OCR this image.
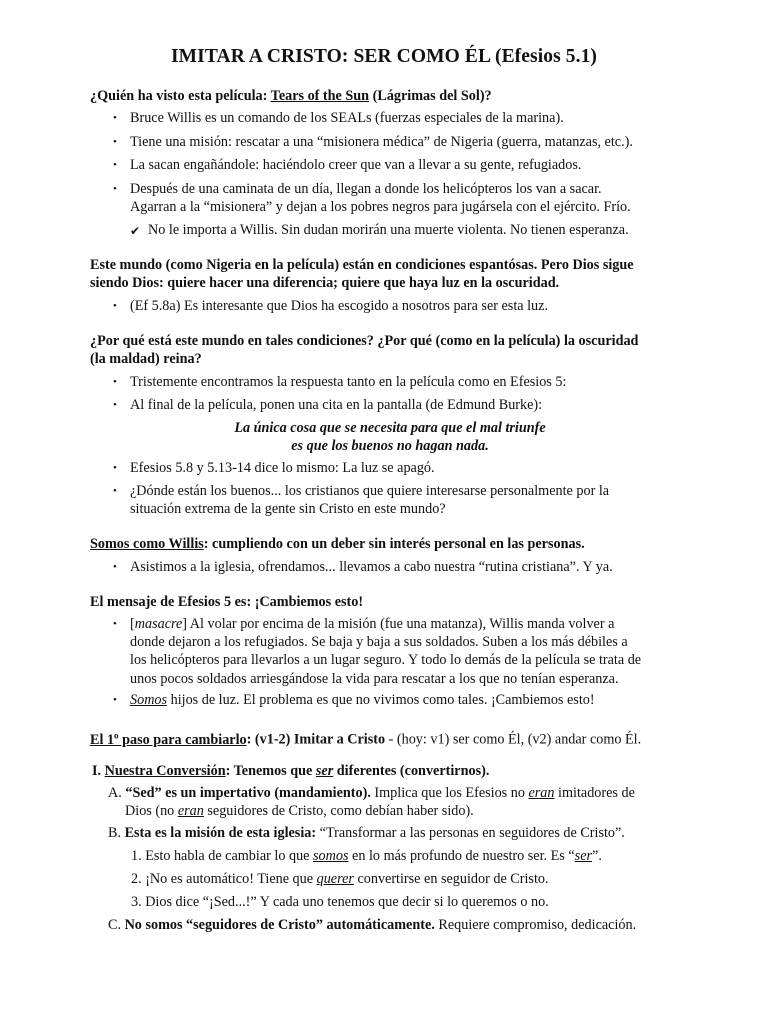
IMITAR A CRISTO: SER COMO ÉL (Efesios 5.1)
¿Quién ha visto esta película: Tears of the Sun (Lágrimas del Sol)?
• Bruce Willis es un comando de los SEALs (fuerzas especiales de la marina).
• Tiene una misión: rescatar a una “misionera médica” de Nigeria (guerra, matanzas, etc.).
• La sacan engañándole: haciéndolo creer que van a llevar a su gente, refugiados.
• Después de una caminata de un día, llegan a donde los helicópteros los van a sacar.
Agarran a la “misionera” y dejan a los pobres negros para jugársela con el ejército. Frío.
✔ No le importa a Willis. Sin dudan morirán una muerte violenta. No tienen esperanza.
Este mundo (como Nigeria en la película) están en condiciones espantósas. Pero Dios sigue
siendo Dios: quiere hacer una diferencia; quiere que haya luz en la oscuridad.
• (Ef 5.8a) Es interesante que Dios ha escogido a nosotros para ser esta luz.
¿Por qué está este mundo en tales condiciones? ¿Por qué (como en la película) la oscuridad
(la maldad) reina?
• Tristemente encontramos la respuesta tanto en la película como en Efesios 5:
• Al final de la película, ponen una cita en la pantalla (de Edmund Burke):
La única cosa que se necesita para que el mal triunfe
es que los buenos no hagan nada.
• Efesios 5.8 y 5.13-14 dice lo mismo: La luz se apagó.
• ¿Dónde están los buenos... los cristianos que quiere interesarse personalmente por la
situación extrema de la gente sin Cristo en este mundo?
Somos como Willis: cumpliendo con un deber sin interés personal en las personas.
• Asistimos a la iglesia, ofrendamos... llevamos a cabo nuestra “rutina cristiana”. Y ya.
El mensaje de Efesios 5 es: ¡Cambiemos esto!
• [masacre] Al volar por encima de la misión (fue una matanza), Willis manda volver a
donde dejaron a los refugiados. Se baja y baja a sus soldados. Suben a los más débiles a
los helicópteros para llevarlos a un lugar seguro. Y todo lo demás de la película se trata de
unos pocos soldados arriesgándose la vida para rescatar a los que no tenían esperanza.
• Somos hijos de luz. El problema es que no vivimos como tales. ¡Cambiemos esto!
El 1$^o$ paso para cambiarlo: (v1-2) Imitar a Cristo - (hoy: v1) ser como Él, (v2) andar como Él.
I. Nuestra Conversión: Tenemos que ser diferentes (convertirnos).
A. “Sed” es un impertativo (mandamiento). Implica que los Efesios no eran imitadores de
Dios (no eran seguidores de Cristo, como debían haber sido).
B. Esta es la misión de esta iglesia: “Transformar a las personas en seguidores de Cristo”.
1. Esto habla de cambiar lo que somos en lo más profundo de nuestro ser. Es “ser”.
2. ¡No es automático! Tiene que querer convertirse en seguidor de Cristo.
3. Dios dice “¡Sed...!” Y cada uno tenemos que decir si lo queremos o no.
C. No somos “seguidores de Cristo” automáticamente. Requiere compromiso, dedicación.
